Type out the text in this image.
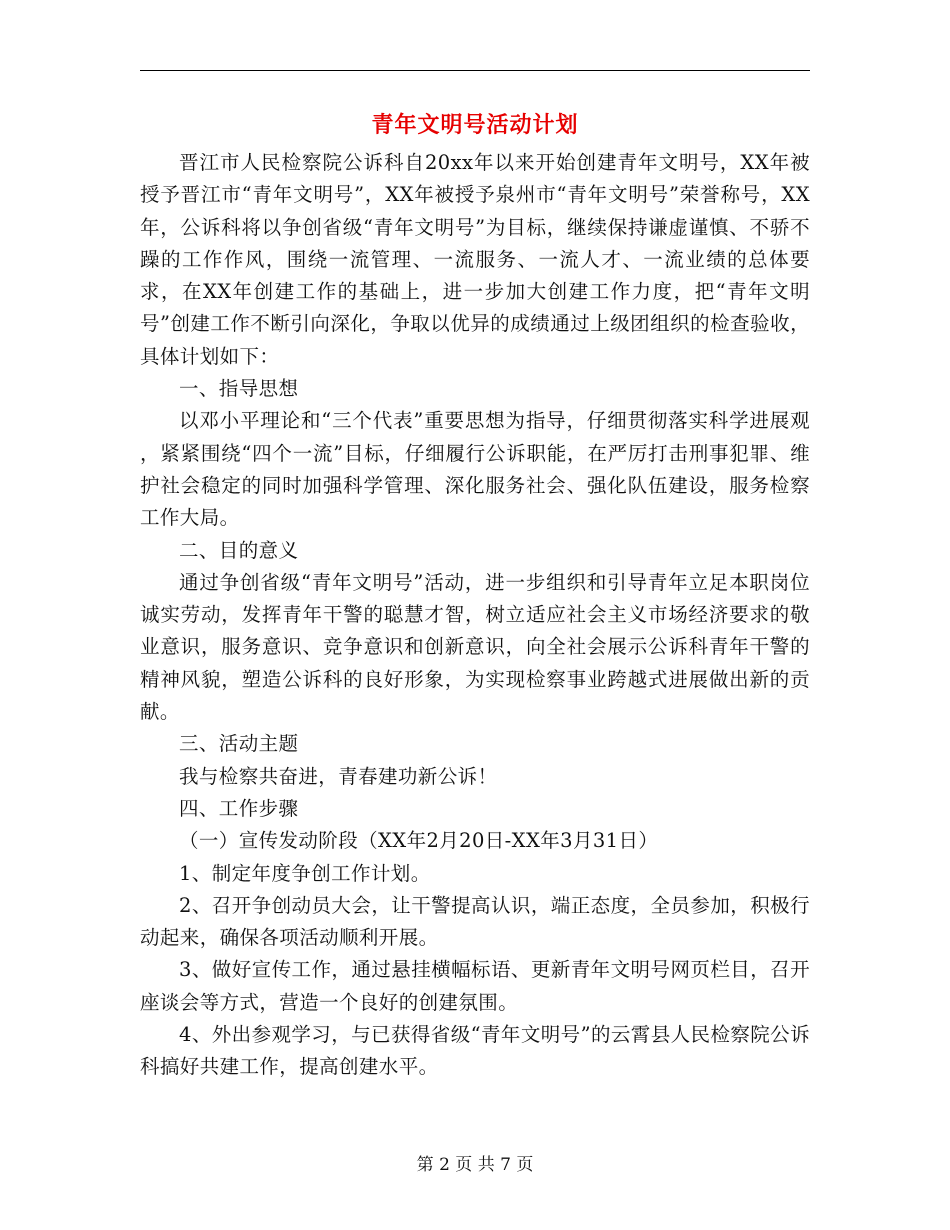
青年文明号活动计划

晋江市人民检察院公诉科自20xx年以来开始创建青年文明号，XX年被授予晋江市“青年文明号”，XX年被授予泉州市“青年文明号”荣誉称号，XX年，公诉科将以争创省级“青年文明号”为目标，继续保持谦虚谨慎、不骄不躁的工作作风，围绕一流管理、一流服务、一流人才、一流业绩的总体要求，在XX年创建工作的基础上，进一步加大创建工作力度，把“青年文明号”创建工作不断引向深化，争取以优异的成绩通过上级团组织的检查验收，具体计划如下：

一、指导思想

以邓小平理论和“三个代表”重要思想为指导，仔细贯彻落实科学进展观 ，紧紧围绕“四个一流”目标，仔细履行公诉职能，在严厉打击刑事犯罪、维护社会稳定的同时加强科学管理、深化服务社会、强化队伍建设，服务检察工作大局。

二、目的意义

通过争创省级“青年文明号”活动，进一步组织和引导青年立足本职岗位诚实劳动，发挥青年干警的聪慧才智，树立适应社会主义市场经济要求的敬业意识，服务意识、竞争意识和创新意识，向全社会展示公诉科青年干警的精神风貌，塑造公诉科的良好形象，为实现检察事业跨越式进展做出新的贡献。

三、活动主题

我与检察共奋进，青春建功新公诉！

四、工作步骤

（一）宣传发动阶段（XX年2月20日-XX年3月31日）

1、制定年度争创工作计划。

2、召开争创动员大会，让干警提高认识，端正态度，全员参加，积极行动起来，确保各项活动顺利开展。

3、做好宣传工作，通过悬挂横幅标语、更新青年文明号网页栏目，召开座谈会等方式，营造一个良好的创建氛围。

4、外出参观学习，与已获得省级“青年文明号”的云霄县人民检察院公诉科搞好共建工作，提高创建水平。

第 2 页 共 7 页
